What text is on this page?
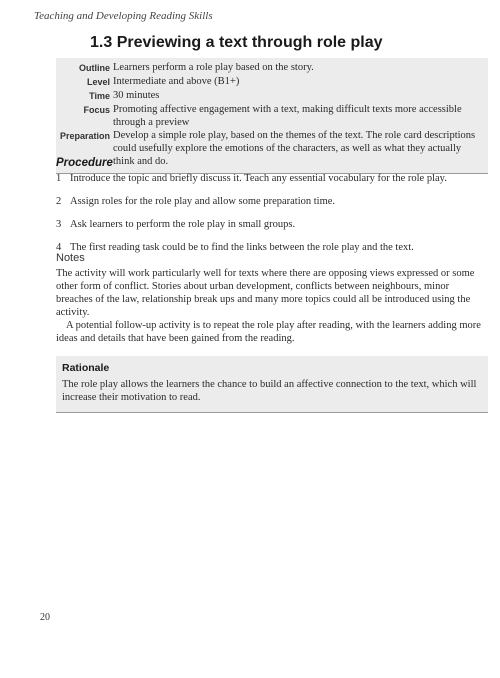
Teaching and Developing Reading Skills
1.3 Previewing a text through role play
Outline Learners perform a role play based on the story.
Level Intermediate and above (B1+)
Time 30 minutes
Focus Promoting affective engagement with a text, making difficult texts more accessible through a preview
Preparation Develop a simple role play, based on the themes of the text. The role card descriptions could usefully explore the emotions of the characters, as well as what they actually think and do.
Procedure
1 Introduce the topic and briefly discuss it. Teach any essential vocabulary for the role play.
2 Assign roles for the role play and allow some preparation time.
3 Ask learners to perform the role play in small groups.
4 The first reading task could be to find the links between the role play and the text.
Notes

The activity will work particularly well for texts where there are opposing views expressed or some other form of conflict. Stories about urban development, conflicts between neighbours, minor breaches of the law, relationship break ups and many more topics could all be introduced using the activity.

A potential follow-up activity is to repeat the role play after reading, with the learners adding more ideas and details that have been gained from the reading.

Rationale
The role play allows the learners the chance to build an affective connection to the text, which will increase their motivation to read.
20
